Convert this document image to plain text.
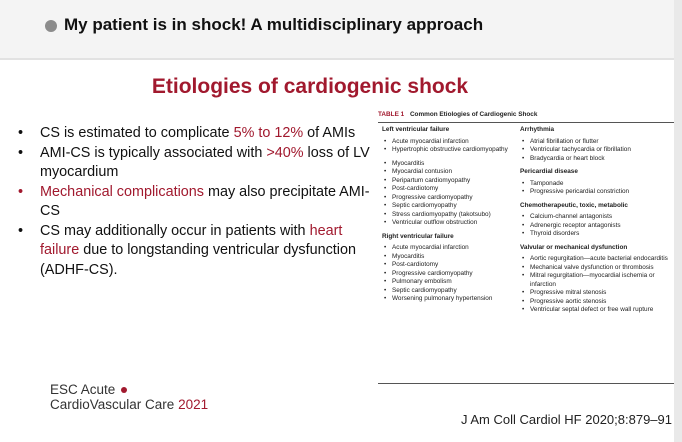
My patient is in shock! A multidisciplinary approach
Etiologies of cardiogenic shock
• CS is estimated to complicate 5% to 12% of AMIs
• AMI-CS is typically associated with >40% loss of LV myocardium
• Mechanical complications may also precipitate AMI-CS
• CS may additionally occur in patients with heart failure due to longstanding ventricular dysfunction (ADHF-CS).
TABLE 1 Common Etiologies of Cardiogenic Shock
Left ventricular failure
• Acute myocardial infarction
• Hypertrophic obstructive cardiomyopathy
• Myocarditis
• Myocardial contusion
• Peripartum cardiomyopathy
• Post-cardiotomy
• Progressive cardiomyopathy
• Septic cardiomyopathy
• Stress cardiomyopathy (takotsubo)
• Ventricular outflow obstruction
Right ventricular failure
• Acute myocardial infarction
• Myocarditis
• Post-cardiotomy
• Progressive cardiomyopathy
• Pulmonary embolism
• Septic cardiomyopathy
• Worsening pulmonary hypertension
Arrhythmia
• Atrial fibrillation or flutter
• Ventricular tachycardia or fibrillation
• Bradycardia or heart block
Pericardial disease
• Tamponade
• Progressive pericardial constriction
Chemotherapeutic, toxic, metabolic
• Calcium-channel antagonists
• Adrenergic receptor antagonists
• Thyroid disorders
Valvular or mechanical dysfunction
• Aortic regurgitation—acute bacterial endocarditis
• Mechanical valve dysfunction or thrombosis
• Mitral regurgitation—myocardial ischemia or infarction
• Progressive mitral stenosis
• Progressive aortic stenosis
• Ventricular septal defect or free wall rupture
ESC Acute
CardioVascular Care 2021
J Am Coll Cardiol HF 2020;8:879–91
